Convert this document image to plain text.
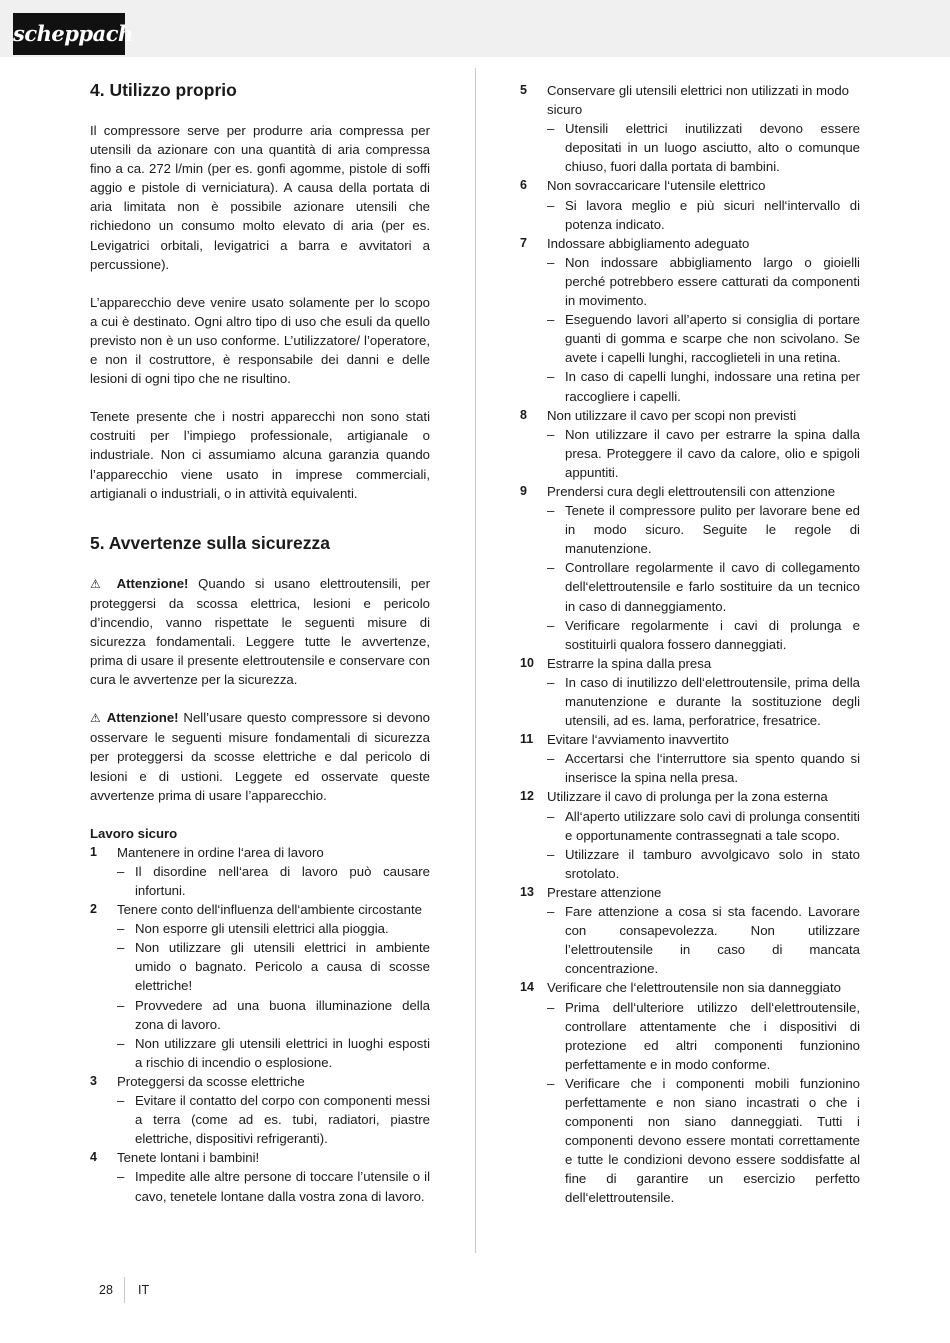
scheppach
4. Utilizzo proprio

Il compressore serve per produrre aria compressa per utensili da azionare con una quantità di aria compressa fino a ca. 272 l/min (per es. gonfi agomme, pistole di soffi aggio e pistole di verniciatura). A causa della portata di aria limitata non è possibile azionare utensili che richiedono un consumo molto elevato di aria (per es. Levigatrici orbitali, levigatrici a barra e avvitatori a percussione).

L’apparecchio deve venire usato solamente per lo scopo a cui è destinato. Ogni altro tipo di uso che esuli da quello previsto non è un uso conforme. L’utilizzatore/ l’operatore, e non il costruttore, è responsabile dei danni e delle lesioni di ogni tipo che ne risultino.

Tenete presente che i nostri apparecchi non sono stati costruiti per l’impiego professionale, artigianale o industriale. Non ci assumiamo alcuna garanzia quando l’apparecchio viene usato in imprese commerciali, artigianali o industriali, o in attività equivalenti.

5. Avvertenze sulla sicurezza

⚠ Attenzione! Quando si usano elettroutensili, per proteggersi da scossa elettrica, lesioni e pericolo d’incendio, vanno rispettate le seguenti misure di sicurezza fondamentali. Leggere tutte le avvertenze, prima di usare il presente elettroutensile e conservare con cura le avvertenze per la sicurezza.

⚠ Attenzione! Nell’usare questo compressore si devono osservare le seguenti misure fondamentali di sicurezza per proteggersi da scosse elettriche e dal pericolo di lesioni e di ustioni. Leggete ed osservate queste avvertenze prima di usare l’apparecchio.

Lavoro sicuro
1 Mantenere in ordine l‘area di lavoro
– Il disordine nell‘area di lavoro può causare infortuni.
2 Tenere conto dell‘influenza dell‘ambiente circostante
– Non esporre gli utensili elettrici alla pioggia.
– Non utilizzare gli utensili elettrici in ambiente umido o bagnato. Pericolo a causa di scosse elettriche!
– Provvedere ad una buona illuminazione della zona di lavoro.
– Non utilizzare gli utensili elettrici in luoghi esposti a rischio di incendio o esplosione.
3 Proteggersi da scosse elettriche
– Evitare il contatto del corpo con componenti messi a terra (come ad es. tubi, radiatori, piastre elettriche, dispositivi refrigeranti).
4 Tenete lontani i bambini!
– Impedite alle altre persone di toccare l’utensile o il cavo, tenetele lontane dalla vostra zona di lavoro.
5 Conservare gli utensili elettrici non utilizzati in modo sicuro
– Utensili elettrici inutilizzati devono essere depositati in un luogo asciutto, alto o comunque chiuso, fuori dalla portata di bambini.
6 Non sovraccaricare l‘utensile elettrico
– Si lavora meglio e più sicuri nell‘intervallo di potenza indicato.
7 Indossare abbigliamento adeguato
– Non indossare abbigliamento largo o gioielli perché potrebbero essere catturati da componenti in movimento.
– Eseguendo lavori all’aperto si consiglia di portare guanti di gomma e scarpe che non scivolano. Se avete i capelli lunghi, raccoglieteli in una retina.
– In caso di capelli lunghi, indossare una retina per raccogliere i capelli.
8 Non utilizzare il cavo per scopi non previsti
– Non utilizzare il cavo per estrarre la spina dalla presa. Proteggere il cavo da calore, olio e spigoli appuntiti.
9 Prendersi cura degli elettroutensili con attenzione
– Tenete il compressore pulito per lavorare bene ed in modo sicuro. Seguite le regole di manutenzione.
– Controllare regolarmente il cavo di collegamento dell‘elettroutensile e farlo sostituire da un tecnico in caso di danneggiamento.
– Verificare regolarmente i cavi di prolunga e sostituirli qualora fossero danneggiati.
10 Estrarre la spina dalla presa
– In caso di inutilizzo dell‘elettroutensile, prima della manutenzione e durante la sostituzione degli utensili, ad es. lama, perforatrice, fresatrice.
11 Evitare l‘avviamento inavvertito
– Accertarsi che l‘interruttore sia spento quando si inserisce la spina nella presa.
12 Utilizzare il cavo di prolunga per la zona esterna
– All‘aperto utilizzare solo cavi di prolunga consentiti e opportunamente contrassegnati a tale scopo.
– Utilizzare il tamburo avvolgicavo solo in stato srotolato.
13 Prestare attenzione
– Fare attenzione a cosa si sta facendo. Lavorare con consapevolezza. Non utilizzare l’elettroutensile in caso di mancata concentrazione.
14 Verificare che l‘elettroutensile non sia danneggiato
– Prima dell‘ulteriore utilizzo dell‘elettroutensile, controllare attentamente che i dispositivi di protezione ed altri componenti funzionino perfettamente e in modo conforme.
– Verificare che i componenti mobili funzionino perfettamente e non siano incastrati o che i componenti non siano danneggiati. Tutti i componenti devono essere montati correttamente e tutte le condizioni devono essere soddisfatte al fine di garantire un esercizio perfetto dell‘elettroutensile.
28 IT
